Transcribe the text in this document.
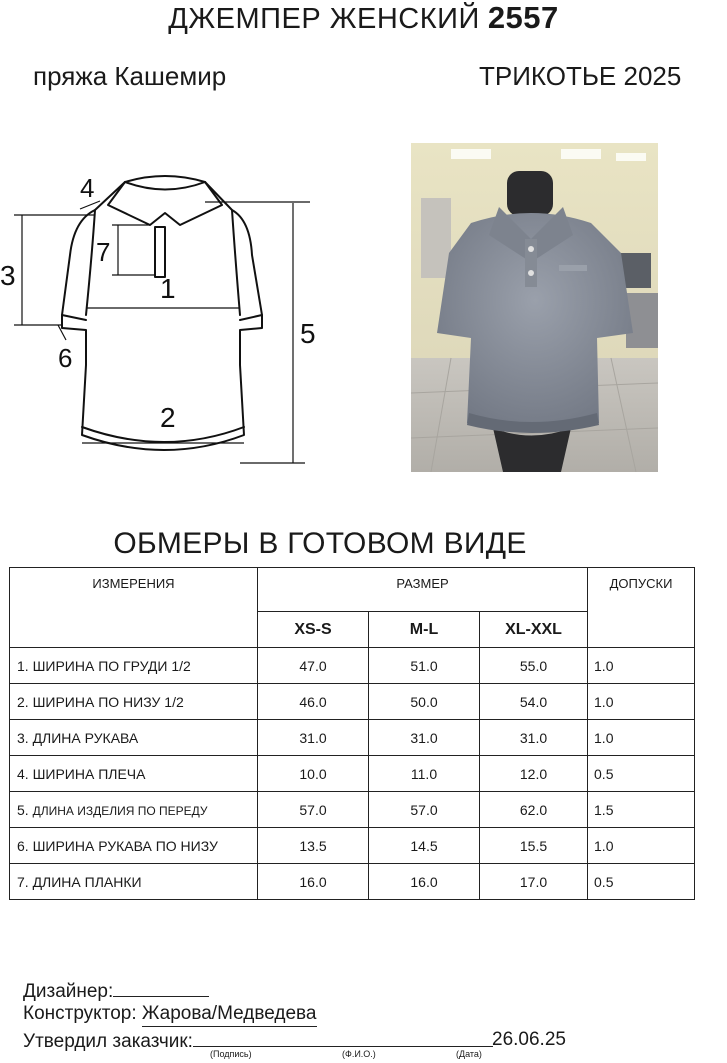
ДЖЕМПЕР ЖЕНСКИЙ 2557
пряжа Кашемир	ТРИКОТЬЕ 2025
1
2
3
4
5
6
7
ОБМЕРЫ В ГОТОВОМ ВИДЕ
ИЗМЕРЕНИЯ	РАЗМЕР			ДОПУСКИ
	XS-S	M-L	XL-XXL	
1. ШИРИНА ПО ГРУДИ 1/2	47.0	51.0	55.0	1.0
2. ШИРИНА ПО НИЗУ 1/2	46.0	50.0	54.0	1.0
3. ДЛИНА РУКАВА	31.0	31.0	31.0	1.0
4. ШИРИНА ПЛЕЧА	10.0	11.0	12.0	0.5
5. ДЛИНА ИЗДЕЛИЯ ПО ПЕРЕДУ	57.0	57.0	62.0	1.5
6. ШИРИНА РУКАВА ПО НИЗУ	13.5	14.5	15.5	1.0
7. ДЛИНА ПЛАНКИ	16.0	16.0	17.0	0.5
Дизайнер:
Конструктор: Жарова/Медведева
Утвердил заказчик:	26.06.25
(Подпись)	(Ф.И.О.)	(Дата)
